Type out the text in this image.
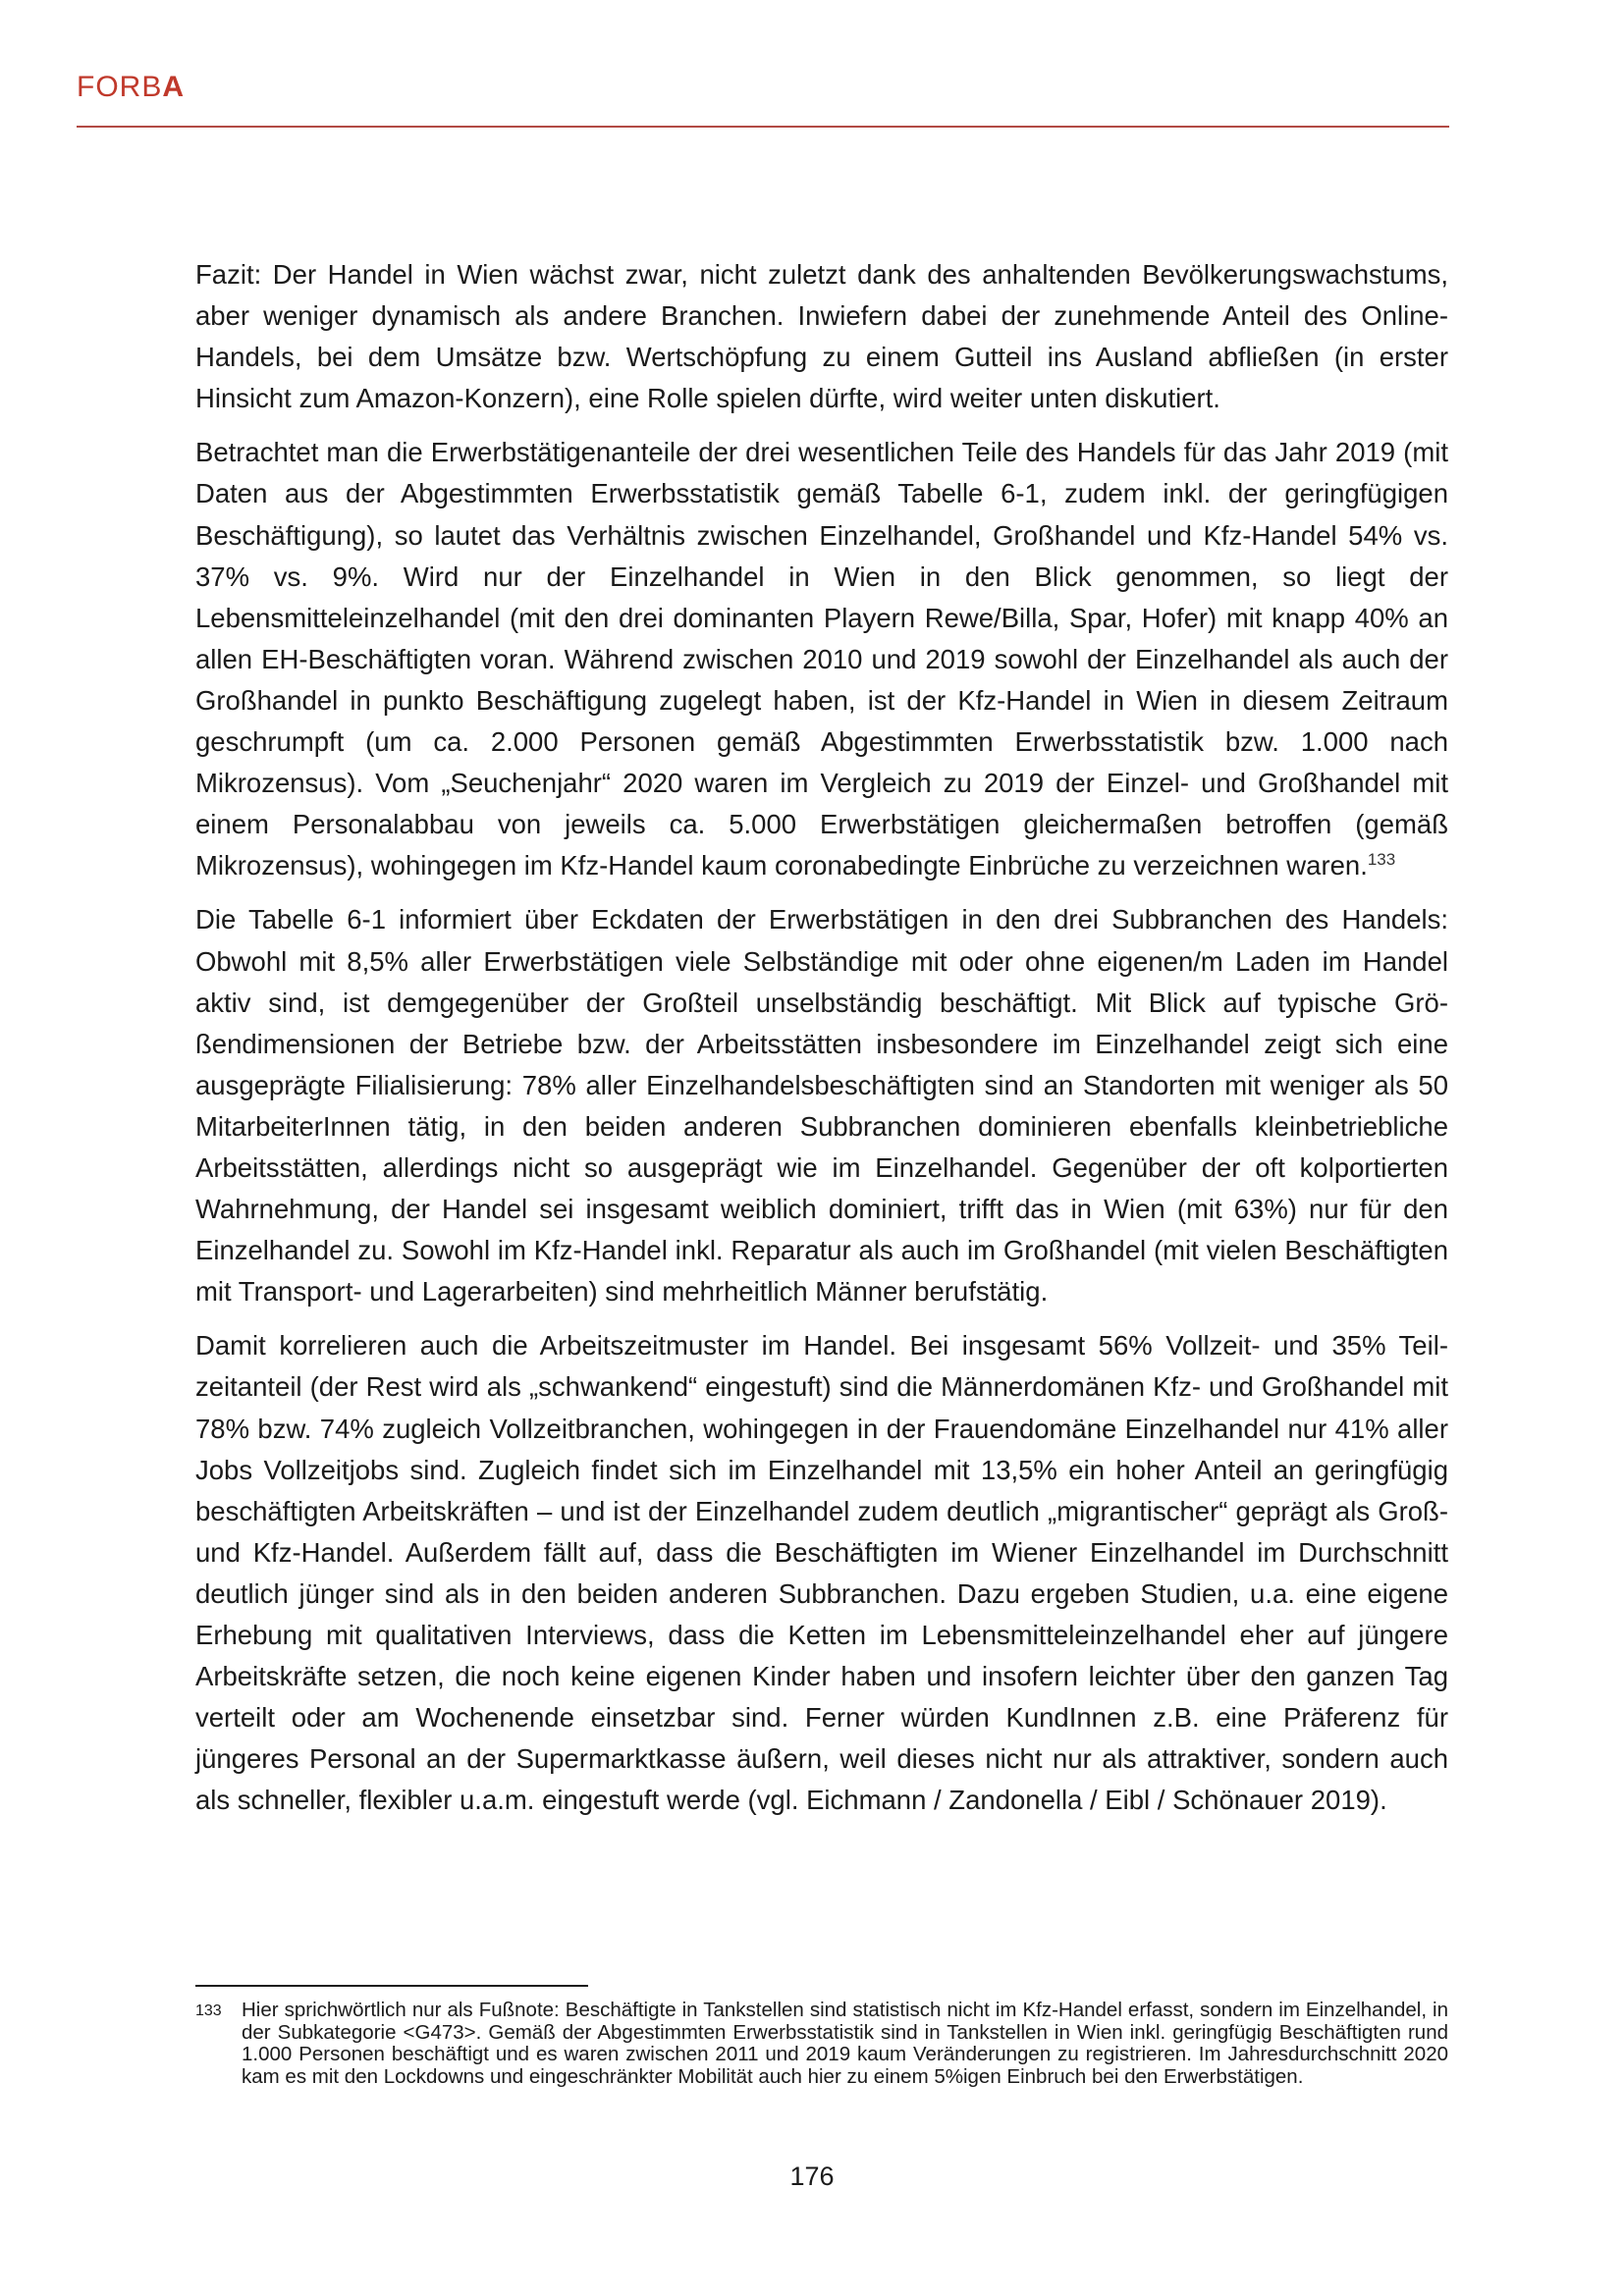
FORBA

Fazit: Der Handel in Wien wächst zwar, nicht zuletzt dank des anhaltenden Bevölkerungswachstums, aber weniger dynamisch als andere Branchen. Inwiefern dabei der zunehmende Anteil des Online-Handels, bei dem Umsätze bzw. Wertschöpfung zu einem Gutteil ins Ausland abfließen (in erster Hinsicht zum Amazon-Konzern), eine Rolle spielen dürfte, wird weiter unten diskutiert.

Betrachtet man die Erwerbstätigenanteile der drei wesentlichen Teile des Handels für das Jahr 2019 (mit Daten aus der Abgestimmten Erwerbsstatistik gemäß Tabelle 6-1, zudem inkl. der geringfügigen Beschäftigung), so lautet das Verhältnis zwischen Einzelhandel, Großhandel und Kfz-Handel 54% vs. 37% vs. 9%. Wird nur der Einzelhandel in Wien in den Blick genommen, so liegt der Lebensmitteleinzelhandel (mit den drei dominanten Playern Rewe/Billa, Spar, Hofer) mit knapp 40% an allen EH-Beschäftigten voran. Während zwischen 2010 und 2019 sowohl der Einzelhandel als auch der Großhandel in punkto Beschäftigung zugelegt haben, ist der Kfz-Handel in Wien in diesem Zeitraum geschrumpft (um ca. 2.000 Personen gemäß Abgestimmten Erwerbsstatistik bzw. 1.000 nach Mikrozensus). Vom „Seuchenjahr“ 2020 waren im Vergleich zu 2019 der Einzel- und Großhandel mit einem Personalabbau von jeweils ca. 5.000 Erwerbstätigen gleichermaßen betroffen (gemäß Mikrozensus), wohingegen im Kfz-Handel kaum coronabedingte Einbrüche zu verzeichnen waren.$^{133}$

Die Tabelle 6-1 informiert über Eckdaten der Erwerbstätigen in den drei Subbranchen des Handels: Obwohl mit 8,5% aller Erwerbstätigen viele Selbständige mit oder ohne eigenen/m Laden im Handel aktiv sind, ist demgegenüber der Großteil unselbständig beschäftigt. Mit Blick auf typische Größendimensionen der Betriebe bzw. der Arbeitsstätten insbesondere im Einzelhandel zeigt sich eine ausgeprägte Filialisierung: 78% aller Einzelhandelsbeschäftigten sind an Standorten mit weniger als 50 MitarbeiterInnen tätig, in den beiden anderen Subbranchen dominieren ebenfalls kleinbetriebliche Arbeitsstätten, allerdings nicht so ausgeprägt wie im Einzelhandel. Gegenüber der oft kolportierten Wahrnehmung, der Handel sei insgesamt weiblich dominiert, trifft das in Wien (mit 63%) nur für den Einzelhandel zu. Sowohl im Kfz-Handel inkl. Reparatur als auch im Großhandel (mit vielen Beschäftigten mit Transport- und Lagerarbeiten) sind mehrheitlich Männer berufstätig.

Damit korrelieren auch die Arbeitszeitmuster im Handel. Bei insgesamt 56% Vollzeit- und 35% Teilzeitanteil (der Rest wird als „schwankend“ eingestuft) sind die Männerdomänen Kfz- und Großhandel mit 78% bzw. 74% zugleich Vollzeitbranchen, wohingegen in der Frauendomäne Einzelhandel nur 41% aller Jobs Vollzeitjobs sind. Zugleich findet sich im Einzelhandel mit 13,5% ein hoher Anteil an geringfügig beschäftigten Arbeitskräften – und ist der Einzelhandel zudem deutlich „migrantischer“ geprägt als Groß- und Kfz-Handel. Außerdem fällt auf, dass die Beschäftigten im Wiener Einzelhandel im Durchschnitt deutlich jünger sind als in den beiden anderen Subbranchen. Dazu ergeben Studien, u.a. eine eigene Erhebung mit qualitativen Interviews, dass die Ketten im Lebensmitteleinzelhandel eher auf jüngere Arbeitskräfte setzen, die noch keine eigenen Kinder haben und insofern leichter über den ganzen Tag verteilt oder am Wochenende einsetzbar sind. Ferner würden KundInnen z.B. eine Präferenz für jüngeres Personal an der Supermarktkasse äußern, weil dieses nicht nur als attraktiver, sondern auch als schneller, flexibler u.a.m. eingestuft werde (vgl. Eichmann / Zandonella / Eibl / Schönauer 2019).

133 Hier sprichwörtlich nur als Fußnote: Beschäftigte in Tankstellen sind statistisch nicht im Kfz-Handel erfasst, sondern im Einzelhandel, in der Subkategorie <G473>. Gemäß der Abgestimmten Erwerbsstatistik sind in Tankstellen in Wien inkl. geringfügig Beschäftigten rund 1.000 Personen beschäftigt und es waren zwischen 2011 und 2019 kaum Veränderungen zu registrieren. Im Jahresdurchschnitt 2020 kam es mit den Lockdowns und eingeschränkter Mobilität auch hier zu einem 5%igen Einbruch bei den Erwerbstätigen.
176
